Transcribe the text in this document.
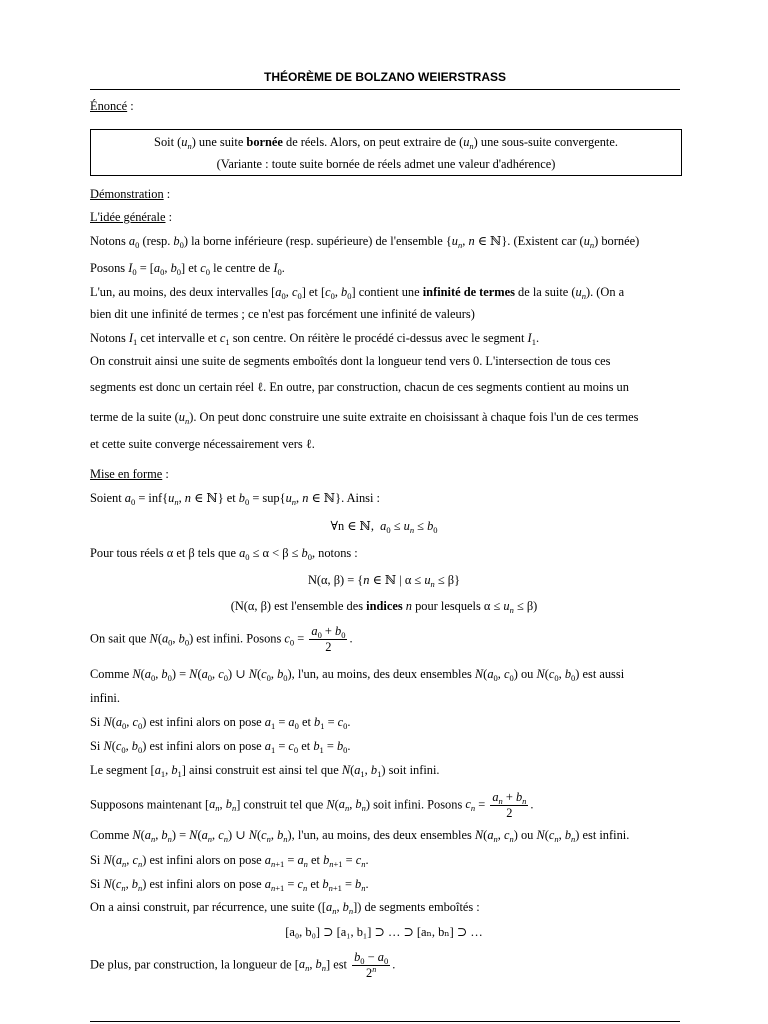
THÉORÈME DE BOLZANO WEIERSTRASS
Énoncé :
Soit $(u_n)$ une suite bornée de réels. Alors, on peut extraire de $(u_n)$ une sous-suite convergente.
(Variante : toute suite bornée de réels admet une valeur d'adhérence)
Démonstration :
L'idée générale :
Notons $a_0$ (resp. $b_0$) la borne inférieure (resp. supérieure) de l'ensemble {$u_n$, n ∈ ℕ}. (Existent car $(u_n)$ bornée)
Posons $I_0 = [a_0$, $b_0$] et $c_0$ le centre de $I_0$.
L'un, au moins, des deux intervalles [$a_0$, $c_0$] et [$c_0$, $b_0$] contient une infinité de termes de la suite $(u_n)$. (On a
bien dit une infinité de termes ; ce n'est pas forcément une infinité de valeurs)
Notons $I_1$ cet intervalle et $c_1$ son centre. On réitère le procédé ci-dessus avec le segment $I_1$.
On construit ainsi une suite de segments emboîtés dont la longueur tend vers 0. L'intersection de tous ces
segments est donc un certain réel ℓ. En outre, par construction, chacun de ces segments contient au moins un
terme de la suite $(u_n)$. On peut donc construire une suite extraite en choisissant à chaque fois l'un de ces termes
et cette suite converge nécessairement vers ℓ.
Mise en forme :
Soient $a_0 = inf\{u_n$, n ∈ ℕ} et $b_0 = sup\{u_n$, n ∈ ℕ}. Ainsi :
∀n ∈ ℕ, $a_0 \le u_n \le b_0$
Pour tous réels α et β tels que $a_0 \le \alpha < \beta \le b_0$, notons :
N(α, β) = {n ∈ ℕ | $\alpha \le u_n \le \beta$}
(N(α, β) est l'ensemble des indices n pour lesquels $\alpha \le u_n \le \beta$)
On sait que $N(a_0$, $b_0$) est infini. Posons $c_0 = \frac{a_0 + b_0}{2}$ .
Comme $N(a_0$, $b_0) = N(a_0$, $c_0$) ∪ $N(c_0$, $b_0$), l'un, au moins, des deux ensembles $N(a_0$, $c_0$) ou $N(c_0$, $b_0$) est aussi
infini.
Si $N(a_0$, $c_0$) est infini alors on pose $a_1 = a_0$ et $b_1 = c_0$.
Si $N(c_0$, $b_0$) est infini alors on pose $a_1 = c_0$ et $b_1 = b_0$.
Le segment [$a_1$, $b_1$] ainsi construit est ainsi tel que $N(a_1$, $b_1$) soit infini.
Supposons maintenant [$a_n$, $b_n$] construit tel que $N(a_n$, $b_n$) soit infini. Posons $c_n = \frac{a_n + b_n}{2}$ .
Comme $N(a_n$, $b_n) = N(a_n$, $c_n$) ∪ $N(c_n$, $b_n$), l'un, au moins, des deux ensembles $N(a_n$, $c_n$) ou $N(c_n$, $b_n$) est infini.
Si $N(a_n$, $c_n$) est infini alors on pose $a_{n+1} = a_n$ et $b_{n+1} = c_n$.
Si $N(c_n$, $b_n$) est infini alors on pose $a_{n+1} = c_n$ et $b_{n+1} = b_n$.
On a ainsi construit, par récurrence, une suite ([$a_n$, $b_n$]) de segments emboîtés :
[a₀, b₀] ⊃ [a₁, b₁] ⊃ … ⊃ [aₙ, bₙ] ⊃ …
De plus, par construction, la longueur de [$a_n$, $b_n$] est $\frac{b_0 - a_0}{2^n}$ .
